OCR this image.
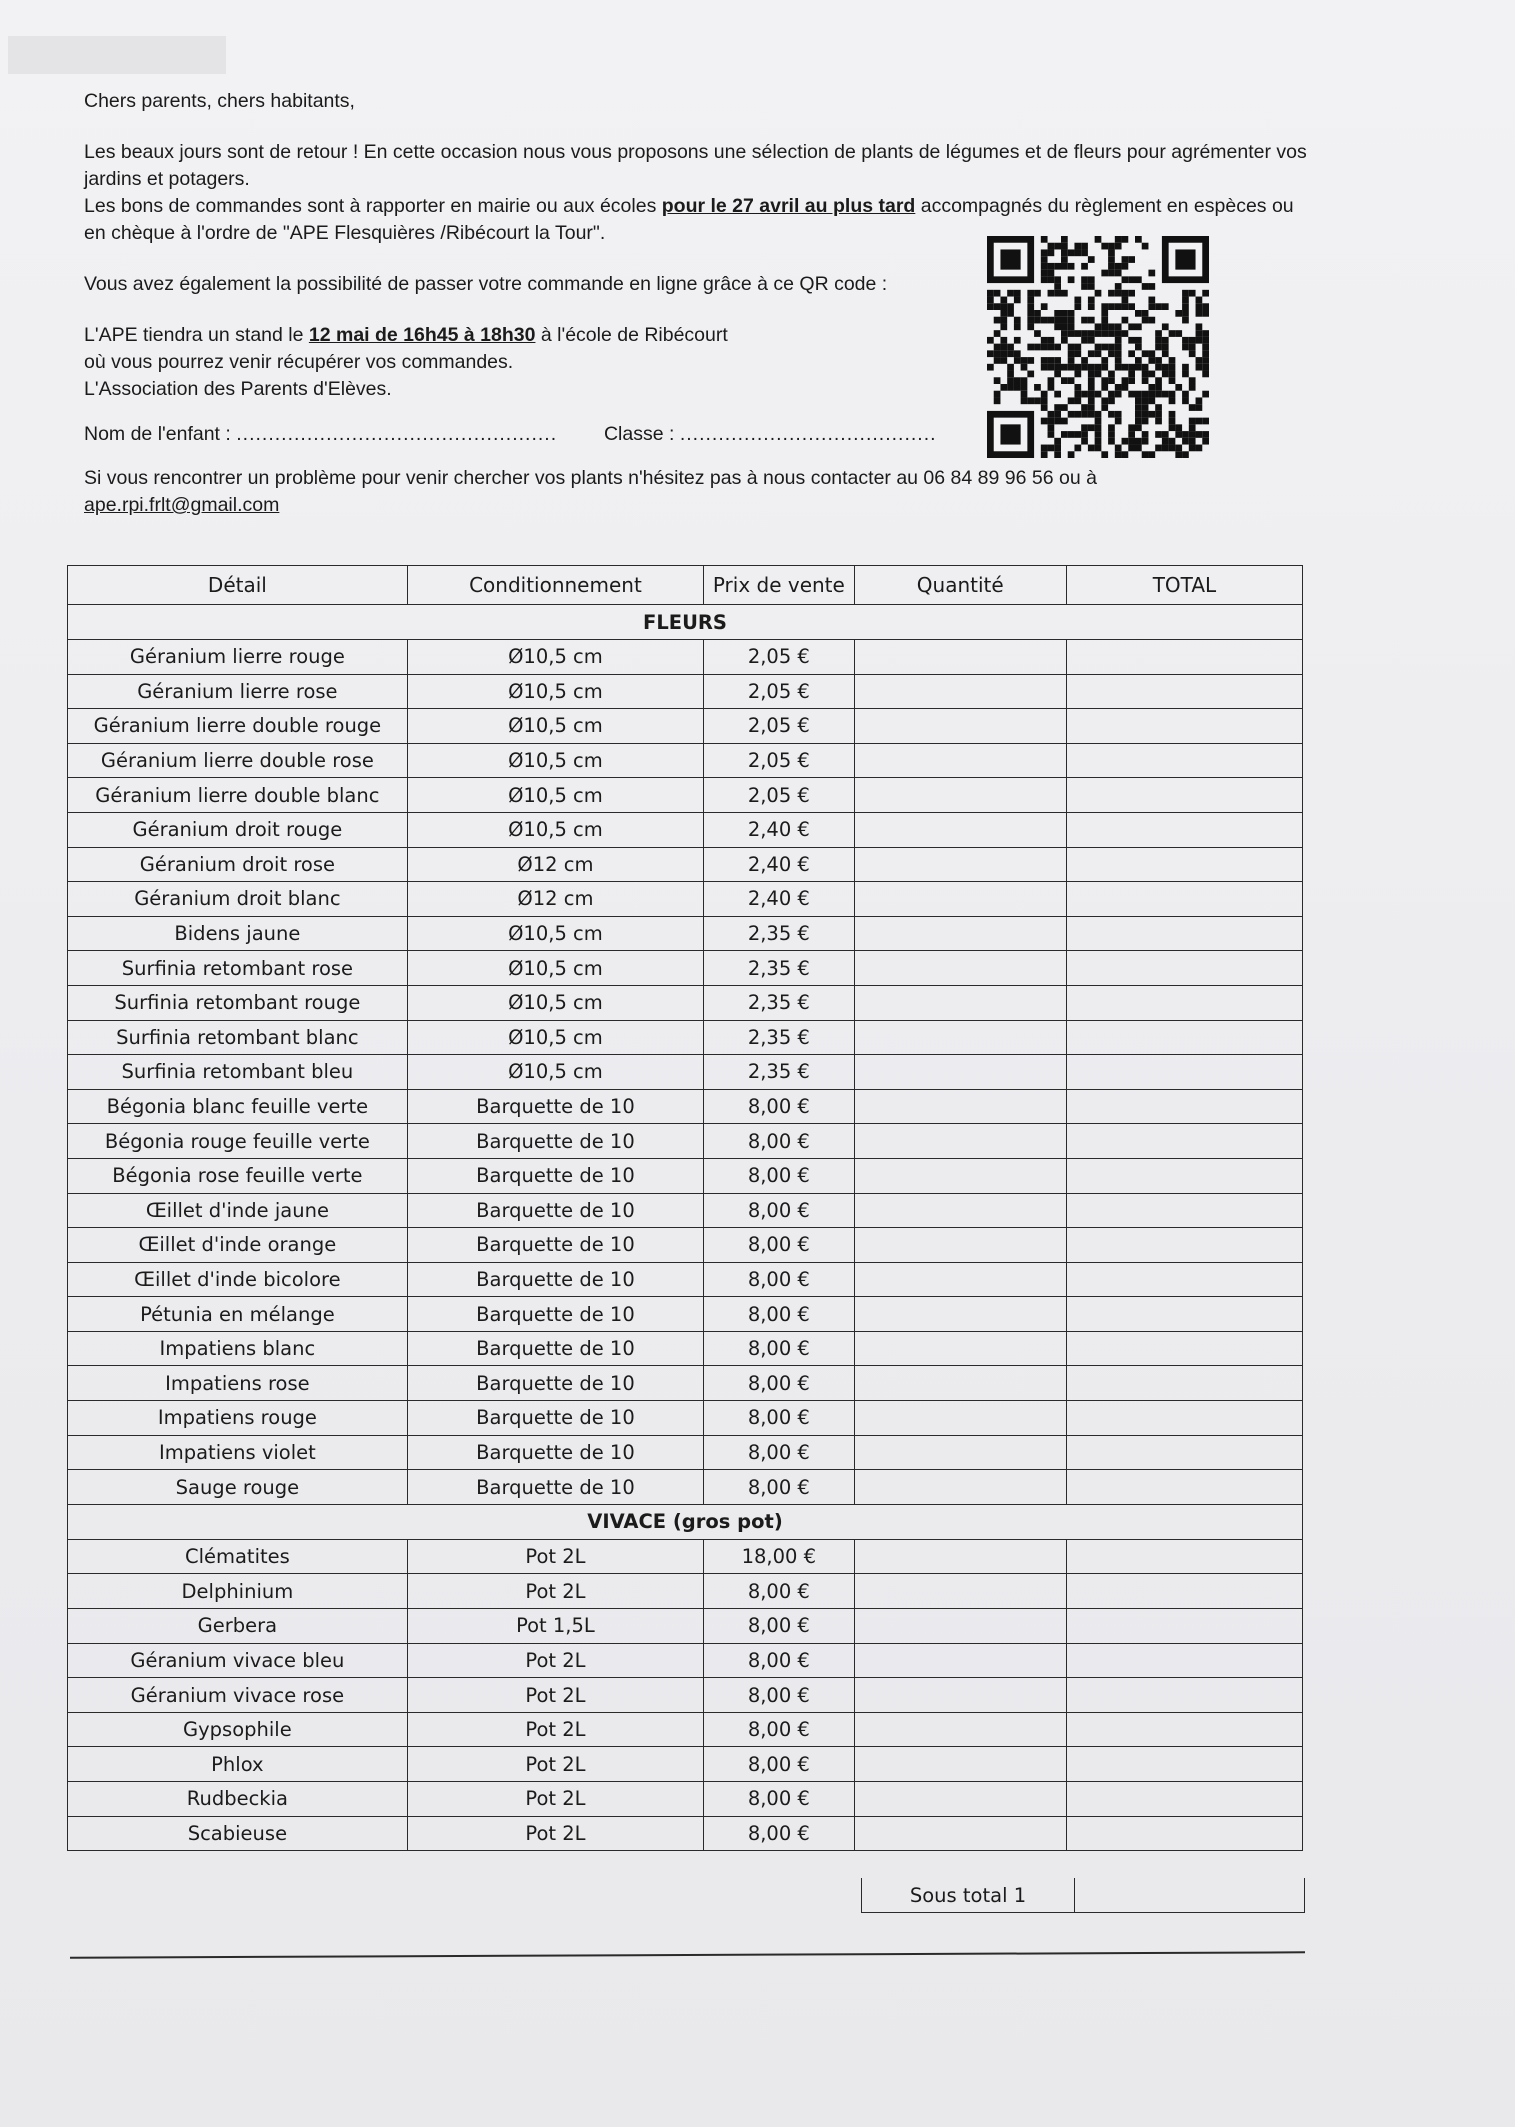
Chers parents, chers habitants,

Les beaux jours sont de retour ! En cette occasion nous vous proposons une sélection de plants de légumes et de fleurs pour agrémenter vos jardins et potagers.

Les bons de commandes sont à rapporter en mairie ou aux écoles pour le 27 avril au plus tard accompagnés du règlement en espèces ou en chèque à l'ordre de "APE Flesquières /Ribécourt la Tour".

Vous avez également la possibilité de passer votre commande en ligne grâce à ce QR code :

L'APE tiendra un stand le 12 mai de 16h45 à 18h30 à l'école de Ribécourt

où vous pourrez venir récupérer vos commandes.

L'Association des Parents d'Elèves.

Nom de l'enfant : .................................................. Classe : ........................................
Si vous rencontrer un problème pour venir chercher vos plants n'hésitez pas à nous contacter au 06 84 89 96 56 ou à
ape.rpi.frlt@gmail.com
Détail	Conditionnement	Prix de vente	Quantité	TOTAL
FLEURS				
Géranium lierre rouge	Ø10,5 cm	2,05 €		
Géranium lierre rose	Ø10,5 cm	2,05 €		
Géranium lierre double rouge	Ø10,5 cm	2,05 €		
Géranium lierre double rose	Ø10,5 cm	2,05 €		
Géranium lierre double blanc	Ø10,5 cm	2,05 €		
Géranium droit rouge	Ø10,5 cm	2,40 €		
Géranium droit rose	Ø12 cm	2,40 €		
Géranium droit blanc	Ø12 cm	2,40 €		
Bidens jaune	Ø10,5 cm	2,35 €		
Surfinia retombant rose	Ø10,5 cm	2,35 €		
Surfinia retombant rouge	Ø10,5 cm	2,35 €		
Surfinia retombant blanc	Ø10,5 cm	2,35 €		
Surfinia retombant bleu	Ø10,5 cm	2,35 €		
Bégonia blanc feuille verte	Barquette de 10	8,00 €		
Bégonia rouge feuille verte	Barquette de 10	8,00 €		
Bégonia rose feuille verte	Barquette de 10	8,00 €		
Œillet d'inde jaune	Barquette de 10	8,00 €		
Œillet d'inde orange	Barquette de 10	8,00 €		
Œillet d'inde bicolore	Barquette de 10	8,00 €		
Pétunia en mélange	Barquette de 10	8,00 €		
Impatiens blanc	Barquette de 10	8,00 €		
Impatiens rose	Barquette de 10	8,00 €		
Impatiens rouge	Barquette de 10	8,00 €		
Impatiens violet	Barquette de 10	8,00 €		
Sauge rouge	Barquette de 10	8,00 €		
VIVACE (gros pot)				
Clématites	Pot 2L	18,00 €		
Delphinium	Pot 2L	8,00 €		
Gerbera	Pot 1,5L	8,00 €		
Géranium vivace bleu	Pot 2L	8,00 €		
Géranium vivace rose	Pot 2L	8,00 €		
Gypsophile	Pot 2L	8,00 €		
Phlox	Pot 2L	8,00 €		
Rudbeckia	Pot 2L	8,00 €		
Scabieuse	Pot 2L	8,00 €		
Sous total 1
